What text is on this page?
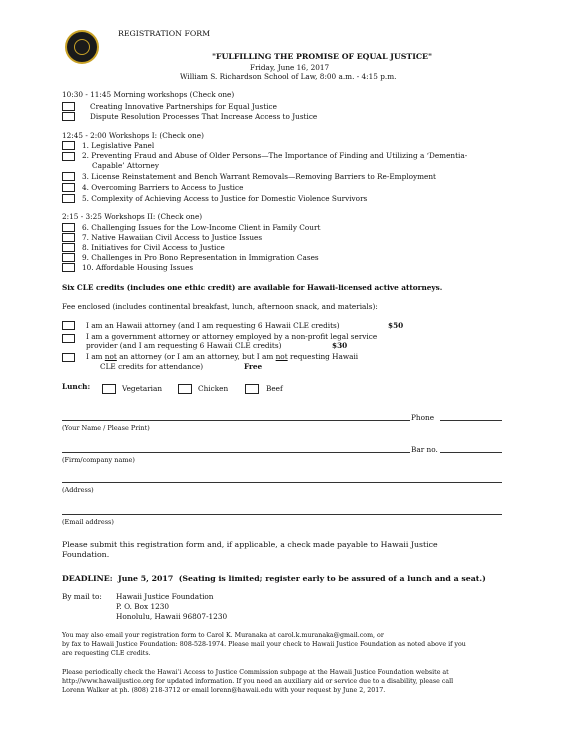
REGISTRATION FORM
"FULFILLING THE PROMISE OF EQUAL JUSTICE"
Friday, June 16, 2017
William S. Richardson School of Law, 8:00 a.m. - 4:15 p.m.
10:30 - 11:45 Morning workshops (Check one)
Creating Innovative Partnerships for Equal Justice
Dispute Resolution Processes That Increase Access to Justice
12:45 - 2:00 Workshops I: (Check one)
1. Legislative Panel
2. Preventing Fraud and Abuse of Older Persons—The Importance of Finding and Utilizing a ‘Dementia-
Capable’ Attorney
3. License Reinstatement and Bench Warrant Removals—Removing Barriers to Re-Employment
4. Overcoming Barriers to Access to Justice
5. Complexity of Achieving Access to Justice for Domestic Violence Survivors
2:15 - 3:25 Workshops II: (Check one)
6. Challenging Issues for the Low-Income Client in Family Court
7. Native Hawaiian Civil Access to Justice Issues
8. Initiatives for Civil Access to Justice
9. Challenges in Pro Bono Representation in Immigration Cases
10. Affordable Housing Issues
Six CLE credits (includes one ethic credit) are available for Hawaii-licensed active attorneys.
Fee enclosed (includes continental breakfast, lunch, afternoon snack, and materials):
I am an Hawaii attorney (and I am requesting 6 Hawaii CLE credits)	$50
I am a government attorney or attorney employed by a non-profit legal service
provider (and I am requesting 6 Hawaii CLE credits)	$30
I am not an attorney (or I am an attorney, but I am not requesting Hawaii
CLE credits for attendance)	Free
Lunch:	Vegetarian	Chicken	Beef
Phone
(Your Name / Please Print)
Bar no.
(Firm/company name)
(Address)
(Email address)
Please submit this registration form and, if applicable, a check made payable to Hawaii Justice
Foundation.
DEADLINE: June 5, 2017 (Seating is limited; register early to be assured of a lunch and a seat.)
By mail to: Hawaii Justice Foundation
P. O. Box 1230
Honolulu, Hawaii 96807-1230
You may also email your registration form to Carol K. Muranaka at carol.k.muranaka@gmail.com, or
by fax to Hawaii Justice Foundation: 808-528-1974. Please mail your check to Hawaii Justice Foundation as noted above if you
are requesting CLE credits.
Please periodically check the Hawai‘i Access to Justice Commission subpage at the Hawaii Justice Foundation website at
http://www.hawaiijustice.org for updated information. If you need an auxiliary aid or service due to a disability, please call
Lorenn Walker at ph. (808) 218-3712 or email lorenn@hawaii.edu with your request by June 2, 2017.
